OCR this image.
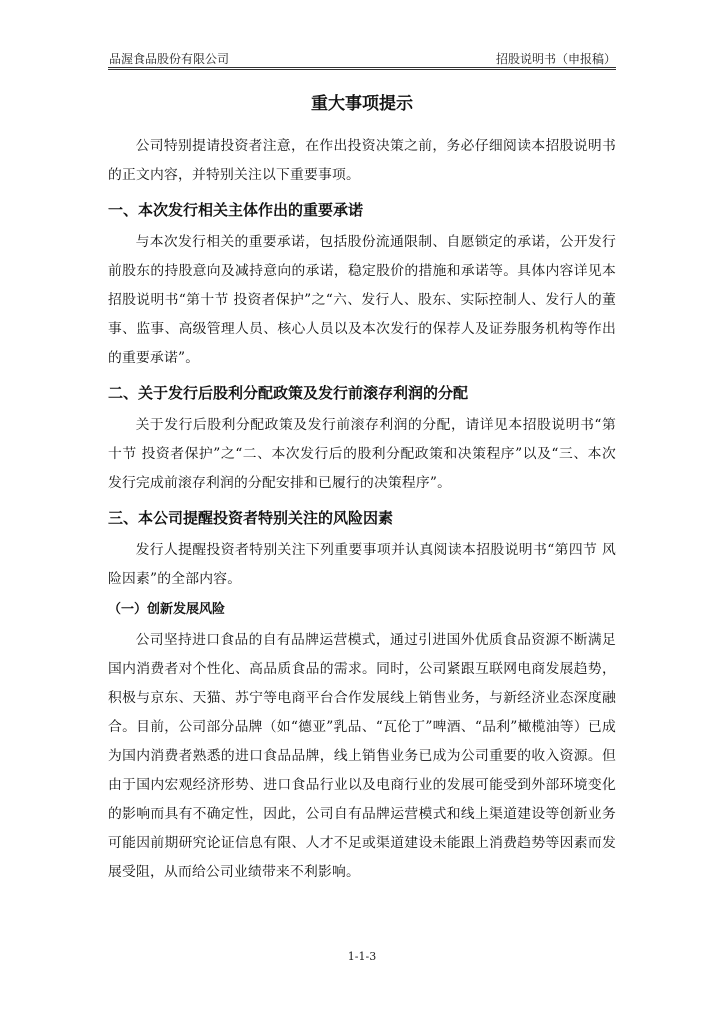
品渥食品股份有限公司	招股说明书（申报稿）
重大事项提示

公司特别提请投资者注意，在作出投资决策之前，务必仔细阅读本招股说明书的正文内容，并特别关注以下重要事项。

一、本次发行相关主体作出的重要承诺

与本次发行相关的重要承诺，包括股份流通限制、自愿锁定的承诺，公开发行前股东的持股意向及减持意向的承诺，稳定股价的措施和承诺等。具体内容详见本招股说明书“第十节 投资者保护”之“六、发行人、股东、实际控制人、发行人的董事、监事、高级管理人员、核心人员以及本次发行的保荐人及证券服务机构等作出的重要承诺”。

二、关于发行后股利分配政策及发行前滚存利润的分配

关于发行后股利分配政策及发行前滚存利润的分配，请详见本招股说明书“第十节 投资者保护”之“二、本次发行后的股利分配政策和决策程序”以及“三、本次发行完成前滚存利润的分配安排和已履行的决策程序”。

三、本公司提醒投资者特别关注的风险因素

发行人提醒投资者特别关注下列重要事项并认真阅读本招股说明书“第四节 风险因素”的全部内容。

（一）创新发展风险

公司坚持进口食品的自有品牌运营模式，通过引进国外优质食品资源不断满足国内消费者对个性化、高品质食品的需求。同时，公司紧跟互联网电商发展趋势，积极与京东、天猫、苏宁等电商平台合作发展线上销售业务，与新经济业态深度融合。目前，公司部分品牌（如“德亚”乳品、“瓦伦丁”啤酒、“品利”橄榄油等）已成为国内消费者熟悉的进口食品品牌，线上销售业务已成为公司重要的收入资源。但由于国内宏观经济形势、进口食品行业以及电商行业的发展可能受到外部环境变化的影响而具有不确定性，因此，公司自有品牌运营模式和线上渠道建设等创新业务可能因前期研究论证信息有限、人才不足或渠道建设未能跟上消费趋势等因素而发展受阻，从而给公司业绩带来不利影响。

1-1-3
